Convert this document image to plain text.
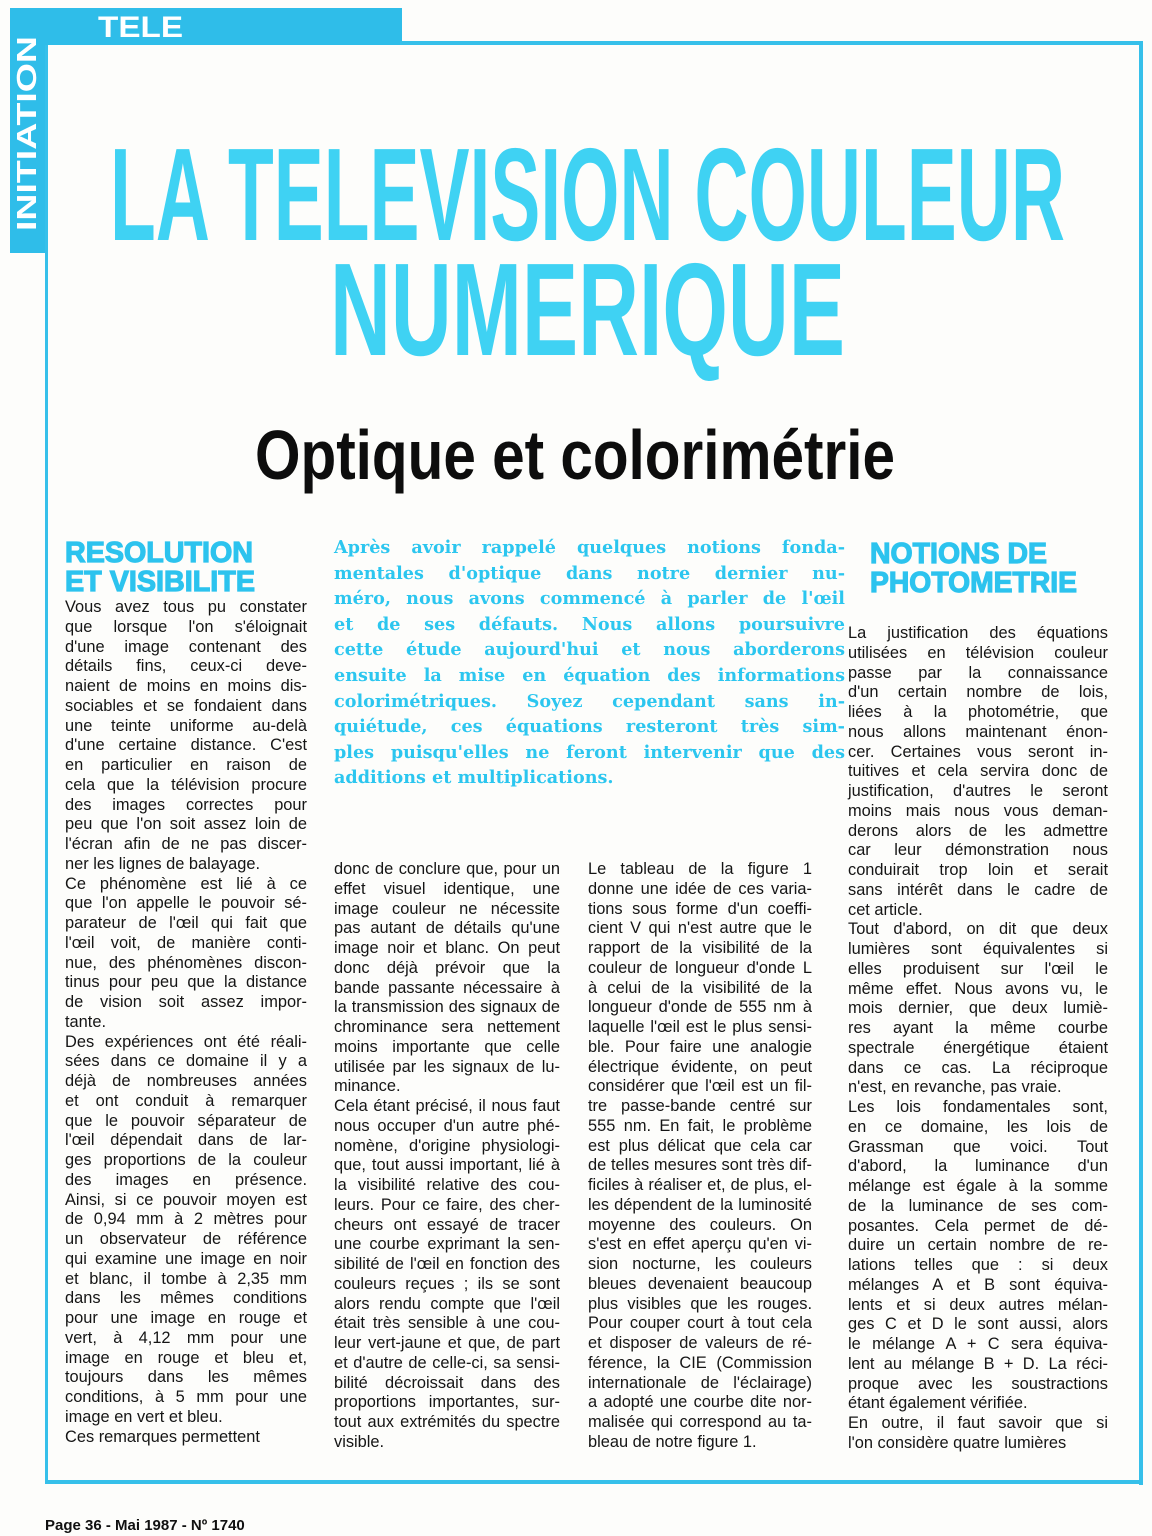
TELE
INITIATION LA TELEVISION COULEUR
NUMERIQUE
Optique et colorimétrie
RESOLUTION
ET VISIBILITE
NOTIONS DE
PHOTOMETRIE
Après avoir rappelé quelques notions fonda-
mentales d'optique dans notre dernier nu-
méro, nous avons commencé à parler de l'œil
et de ses défauts. Nous allons poursuivre
cette étude aujourd'hui et nous aborderons
ensuite la mise en équation des informations
colorimétriques. Soyez cependant sans in-
quiétude, ces équations resteront très sim-
ples puisqu'elles ne feront intervenir que des
additions et multiplications.
Vous avez tous pu constater
que lorsque l'on s'éloignait
d'une image contenant des
détails fins, ceux-ci deve-
naient de moins en moins dis-
sociables et se fondaient dans
une teinte uniforme au-delà
d'une certaine distance. C'est
en particulier en raison de
cela que la télévision procure
des images correctes pour
peu que l'on soit assez loin de
l'écran afin de ne pas discer-
ner les lignes de balayage.
Ce phénomène est lié à ce
que l'on appelle le pouvoir sé-
parateur de l'œil qui fait que
l'œil voit, de manière conti-
nue, des phénomènes discon-
tinus pour peu que la distance
de vision soit assez impor-
tante.
Des expériences ont été réali-
sées dans ce domaine il y a
déjà de nombreuses années
et ont conduit à remarquer
que le pouvoir séparateur de
l'œil dépendait dans de lar-
ges proportions de la couleur
des images en présence.
Ainsi, si ce pouvoir moyen est
de 0,94 mm à 2 mètres pour
un observateur de référence
qui examine une image en noir
et blanc, il tombe à 2,35 mm
dans les mêmes conditions
pour une image en rouge et
vert, à 4,12 mm pour une
image en rouge et bleu et,
toujours dans les mêmes
conditions, à 5 mm pour une
image en vert et bleu.
Ces remarques permettent
donc de conclure que, pour un
effet visuel identique, une
image couleur ne nécessite
pas autant de détails qu'une
image noir et blanc. On peut
donc déjà prévoir que la
bande passante nécessaire à
la transmission des signaux de
chrominance sera nettement
moins importante que celle
utilisée par les signaux de lu-
minance.
Cela étant précisé, il nous faut
nous occuper d'un autre phé-
nomène, d'origine physiologi-
que, tout aussi important, lié à
la visibilité relative des cou-
leurs. Pour ce faire, des cher-
cheurs ont essayé de tracer
une courbe exprimant la sen-
sibilité de l'œil en fonction des
couleurs reçues ; ils se sont
alors rendu compte que l'œil
était très sensible à une cou-
leur vert-jaune et que, de part
et d'autre de celle-ci, sa sensi-
bilité décroissait dans des
proportions importantes, sur-
tout aux extrémités du spectre
visible.
Le tableau de la figure 1
donne une idée de ces varia-
tions sous forme d'un coeffi-
cient V qui n'est autre que le
rapport de la visibilité de la
couleur de longueur d'onde L
à celui de la visibilité de la
longueur d'onde de 555 nm à
laquelle l'œil est le plus sensi-
ble. Pour faire une analogie
électrique évidente, on peut
considérer que l'œil est un fil-
tre passe-bande centré sur
555 nm. En fait, le problème
est plus délicat que cela car
de telles mesures sont très dif-
ficiles à réaliser et, de plus, el-
les dépendent de la luminosité
moyenne des couleurs. On
s'est en effet aperçu qu'en vi-
sion nocturne, les couleurs
bleues devenaient beaucoup
plus visibles que les rouges.
Pour couper court à tout cela
et disposer de valeurs de ré-
férence, la CIE (Commission
internationale de l'éclairage)
a adopté une courbe dite nor-
malisée qui correspond au ta-
bleau de notre figure 1.
La justification des équations
utilisées en télévision couleur
passe par la connaissance
d'un certain nombre de lois,
liées à la photométrie, que
nous allons maintenant énon-
cer. Certaines vous seront in-
tuitives et cela servira donc de
justification, d'autres le seront
moins mais nous vous deman-
derons alors de les admettre
car leur démonstration nous
conduirait trop loin et serait
sans intérêt dans le cadre de
cet article.
Tout d'abord, on dit que deux
lumières sont équivalentes si
elles produisent sur l'œil le
même effet. Nous avons vu, le
mois dernier, que deux lumiè-
res ayant la même courbe
spectrale énergétique étaient
dans ce cas. La réciproque
n'est, en revanche, pas vraie.
Les lois fondamentales sont,
en ce domaine, les lois de
Grassman que voici. Tout
d'abord, la luminance d'un
mélange est égale à la somme
de la luminance de ses com-
posantes. Cela permet de dé-
duire un certain nombre de re-
lations telles que : si deux
mélanges A et B sont équiva-
lents et si deux autres mélan-
ges C et D le sont aussi, alors
le mélange A + C sera équiva-
lent au mélange B + D. La réci-
proque avec les soustractions
étant également vérifiée.
En outre, il faut savoir que si
l'on considère quatre lumières
Page 36 - Mai 1987 - Nº 1740
